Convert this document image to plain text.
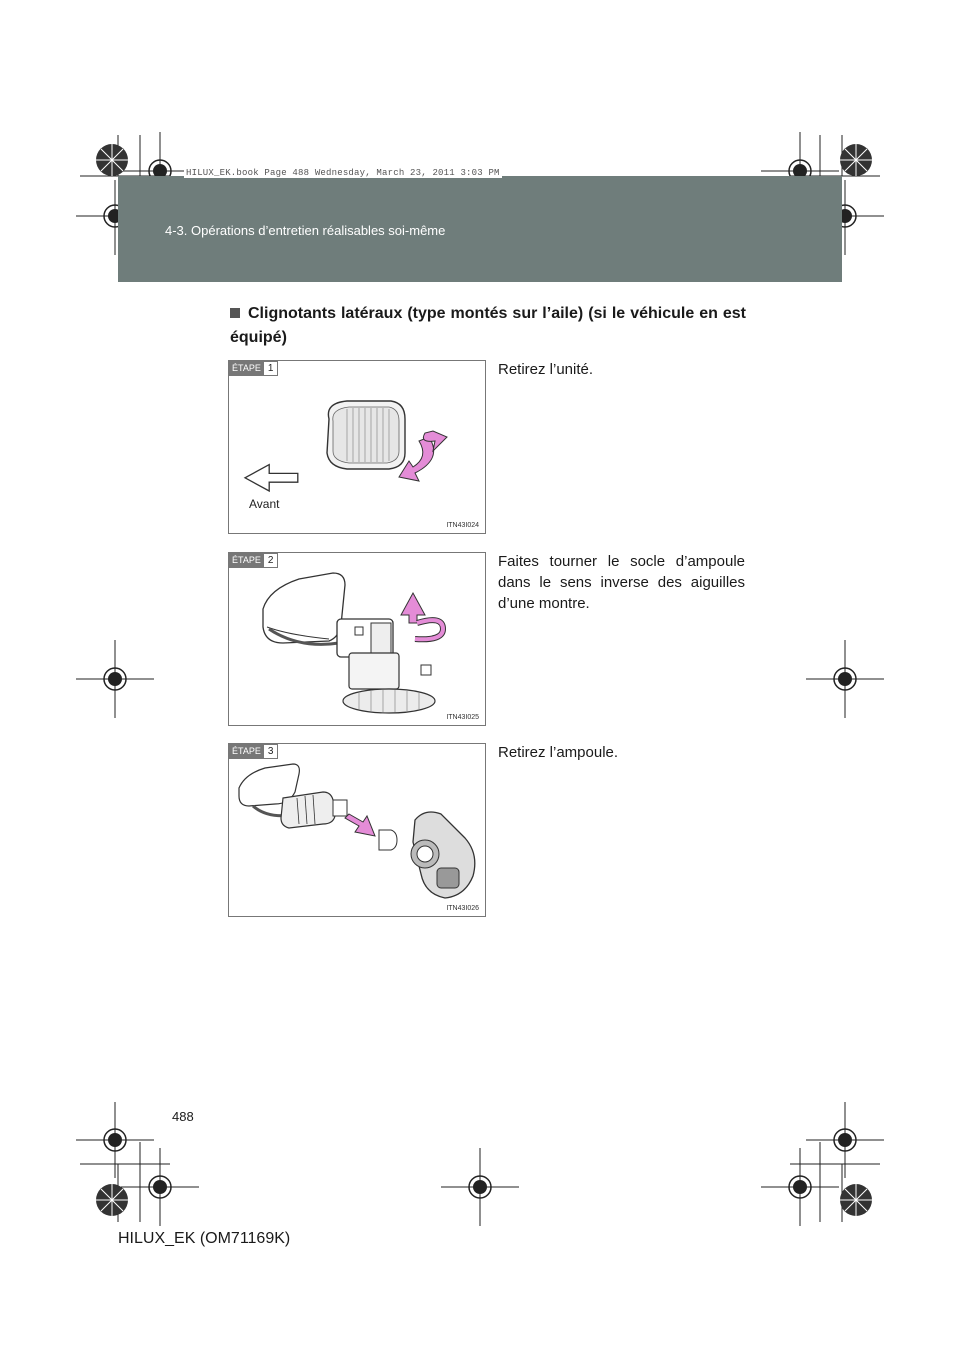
HILUX_EK.book Page 488 Wednesday, March 23, 2011 3:03 PM
4-3. Opérations d’entretien réalisables soi-même
Clignotants latéraux (type montés sur l’aile) (si le véhicule en est équipé)
ÉTAPE 1
Avant
ITN43I024
Retirez l’unité.
ÉTAPE 2
ITN43I025
Faites tourner le socle d’ampoule dans le sens inverse des aiguilles d’une montre.
ÉTAPE 3
ITN43I026
Retirez l’ampoule.
488
HILUX_EK (OM71169K)
